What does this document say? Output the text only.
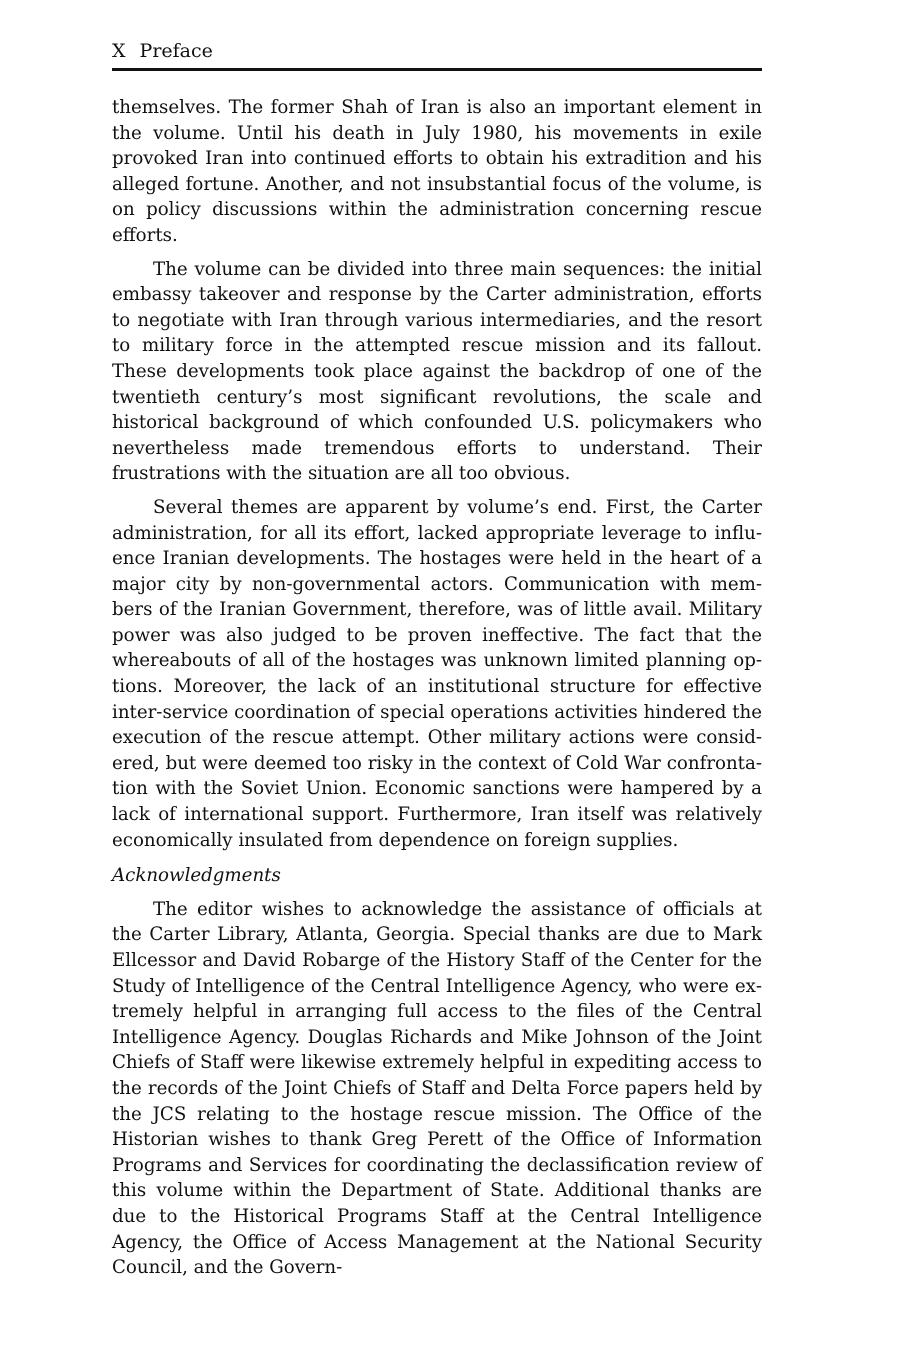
X Preface

themselves. The former Shah of Iran is also an important element in the volume. Until his death in July 1980, his movements in exile provoked Iran into continued efforts to obtain his extradition and his alleged fortune. Another, and not insubstantial focus of the volume, is on policy discussions within the administration concerning rescue efforts.

The volume can be divided into three main sequences: the initial embassy takeover and response by the Carter administration, efforts to negotiate with Iran through various intermediaries, and the resort to military force in the attempted rescue mission and its fallout. These developments took place against the backdrop of one of the twentieth century’s most significant revolutions, the scale and historical background of which confounded U.S. policymakers who nevertheless made tremendous efforts to understand. Their frustrations with the situation are all too obvious.

Several themes are apparent by volume’s end. First, the Carter administration, for all its effort, lacked appropriate leverage to influence Iranian developments. The hostages were held in the heart of a major city by non-governmental actors. Communication with members of the Iranian Government, therefore, was of little avail. Military power was also judged to be proven ineffective. The fact that the whereabouts of all of the hostages was unknown limited planning options. Moreover, the lack of an institutional structure for effective inter-service coordination of special operations activities hindered the execution of the rescue attempt. Other military actions were considered, but were deemed too risky in the context of Cold War confrontation with the Soviet Union. Economic sanctions were hampered by a lack of international support. Furthermore, Iran itself was relatively economically insulated from dependence on foreign supplies.

Acknowledgments

The editor wishes to acknowledge the assistance of officials at the Carter Library, Atlanta, Georgia. Special thanks are due to Mark Ellcessor and David Robarge of the History Staff of the Center for the Study of Intelligence of the Central Intelligence Agency, who were extremely helpful in arranging full access to the files of the Central Intelligence Agency. Douglas Richards and Mike Johnson of the Joint Chiefs of Staff were likewise extremely helpful in expediting access to the records of the Joint Chiefs of Staff and Delta Force papers held by the JCS relating to the hostage rescue mission. The Office of the Historian wishes to thank Greg Perett of the Office of Information Programs and Services for coordinating the declassification review of this volume within the Department of State. Additional thanks are due to the Historical Programs Staff at the Central Intelligence Agency, the Office of Access Management at the National Security Council, and the Govern-
